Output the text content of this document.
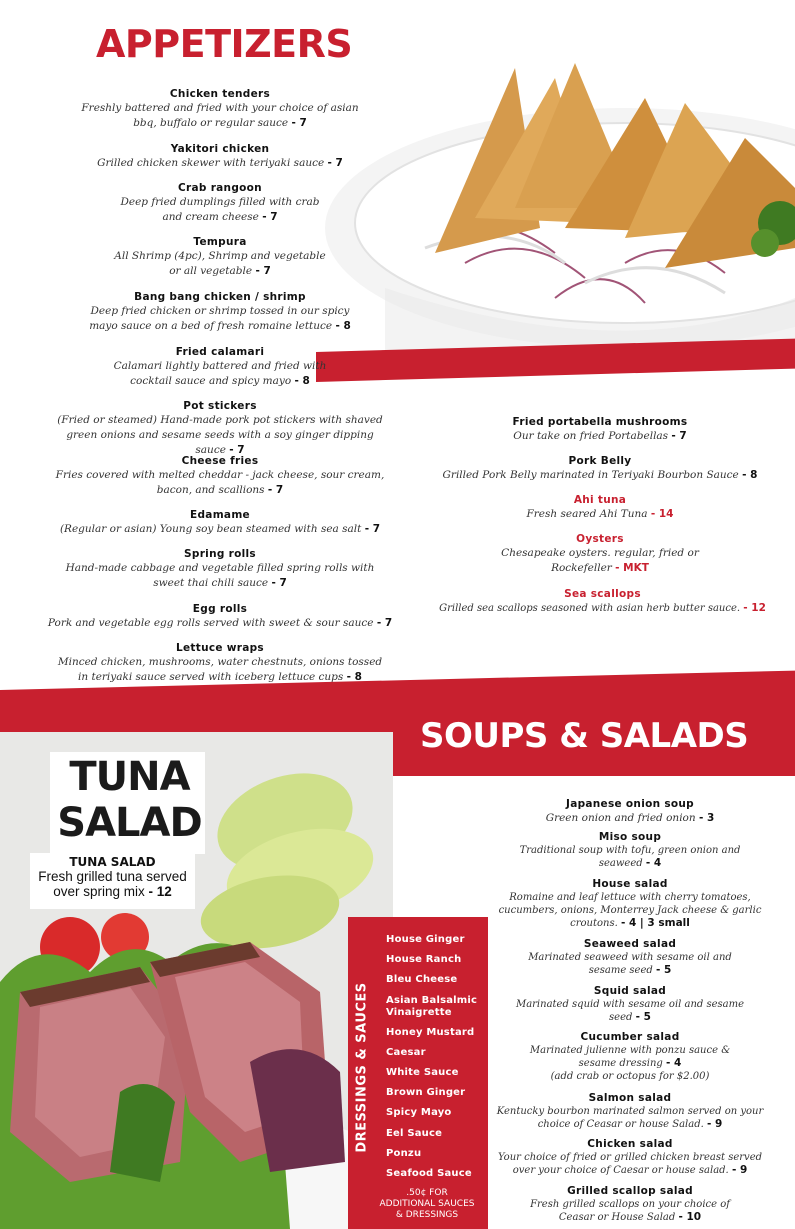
APPETIZERS
Chicken tenders
Freshly battered and fried with your choice of asian bbq, buffalo or regular sauce - 7
Yakitori chicken
Grilled chicken skewer with teriyaki sauce - 7
Crab rangoon
Deep fried dumplings filled with crab and cream cheese - 7
Tempura
All Shrimp (4pc), Shrimp and vegetable or all vegetable - 7
Bang bang chicken / shrimp
Deep fried chicken or shrimp tossed in our spicy mayo sauce on a bed of fresh romaine lettuce - 8
Fried calamari
Calamari lightly battered and fried with cocktail sauce and spicy mayo - 8
Pot stickers
(Fried or steamed) Hand-made pork pot stickers with shaved green onions and sesame seeds with a soy ginger dipping sauce - 7
Cheese fries
Fries covered with melted cheddar - jack cheese, sour cream, bacon, and scallions - 7
Edamame
(Regular or asian) Young soy bean steamed with sea salt - 7
Spring rolls
Hand-made cabbage and vegetable filled spring rolls with sweet thai chili sauce - 7
Egg rolls
Pork and vegetable egg rolls served with sweet & sour sauce - 7
Lettuce wraps
Minced chicken, mushrooms, water chestnuts, onions tossed in teriyaki sauce served with iceberg lettuce cups - 8
Fried portabella mushrooms
Our take on fried Portabellas - 7
Pork Belly
Grilled Pork Belly marinated in Teriyaki Bourbon Sauce - 8
Ahi tuna
Fresh seared Ahi Tuna - 14
Oysters
Chesapeake oysters. regular, fried or Rockefeller - MKT
Sea scallops
Grilled sea scallops seasoned with asian herb butter sauce. - 12
SOUPS & SALADS
TUNA
SALAD
TUNA SALAD
Fresh grilled tuna served
over spring mix - 12
DRESSINGS & SAUCES
House Ginger
House Ranch
Bleu Cheese
Asian Balsalmic Vinaigrette
Honey Mustard
Caesar
White Sauce
Brown Ginger
Spicy Mayo
Eel Sauce
Ponzu
Seafood Sauce
.50¢ FOR
ADDITIONAL SAUCES
& DRESSINGS
Japanese onion soup
Green onion and fried onion - 3
Miso soup
Traditional soup with tofu, green onion and seaweed - 4
House salad
Romaine and leaf lettuce with cherry tomatoes, cucumbers, onions, Monterrey Jack cheese & garlic croutons. - 4 | 3 small
Seaweed salad
Marinated seaweed with sesame oil and sesame seed - 5
Squid salad
Marinated squid with sesame oil and sesame seed - 5
Cucumber salad
Marinated julienne with ponzu sauce & sesame dressing - 4
(add crab or octopus for $2.00)
Salmon salad
Kentucky bourbon marinated salmon served on your choice of Ceasar or house Salad. - 9
Chicken salad
Your choice of fried or grilled chicken breast served over your choice of Caesar or house salad. - 9
Grilled scallop salad
Fresh grilled scallops on your choice of Ceasar or House Salad - 10
